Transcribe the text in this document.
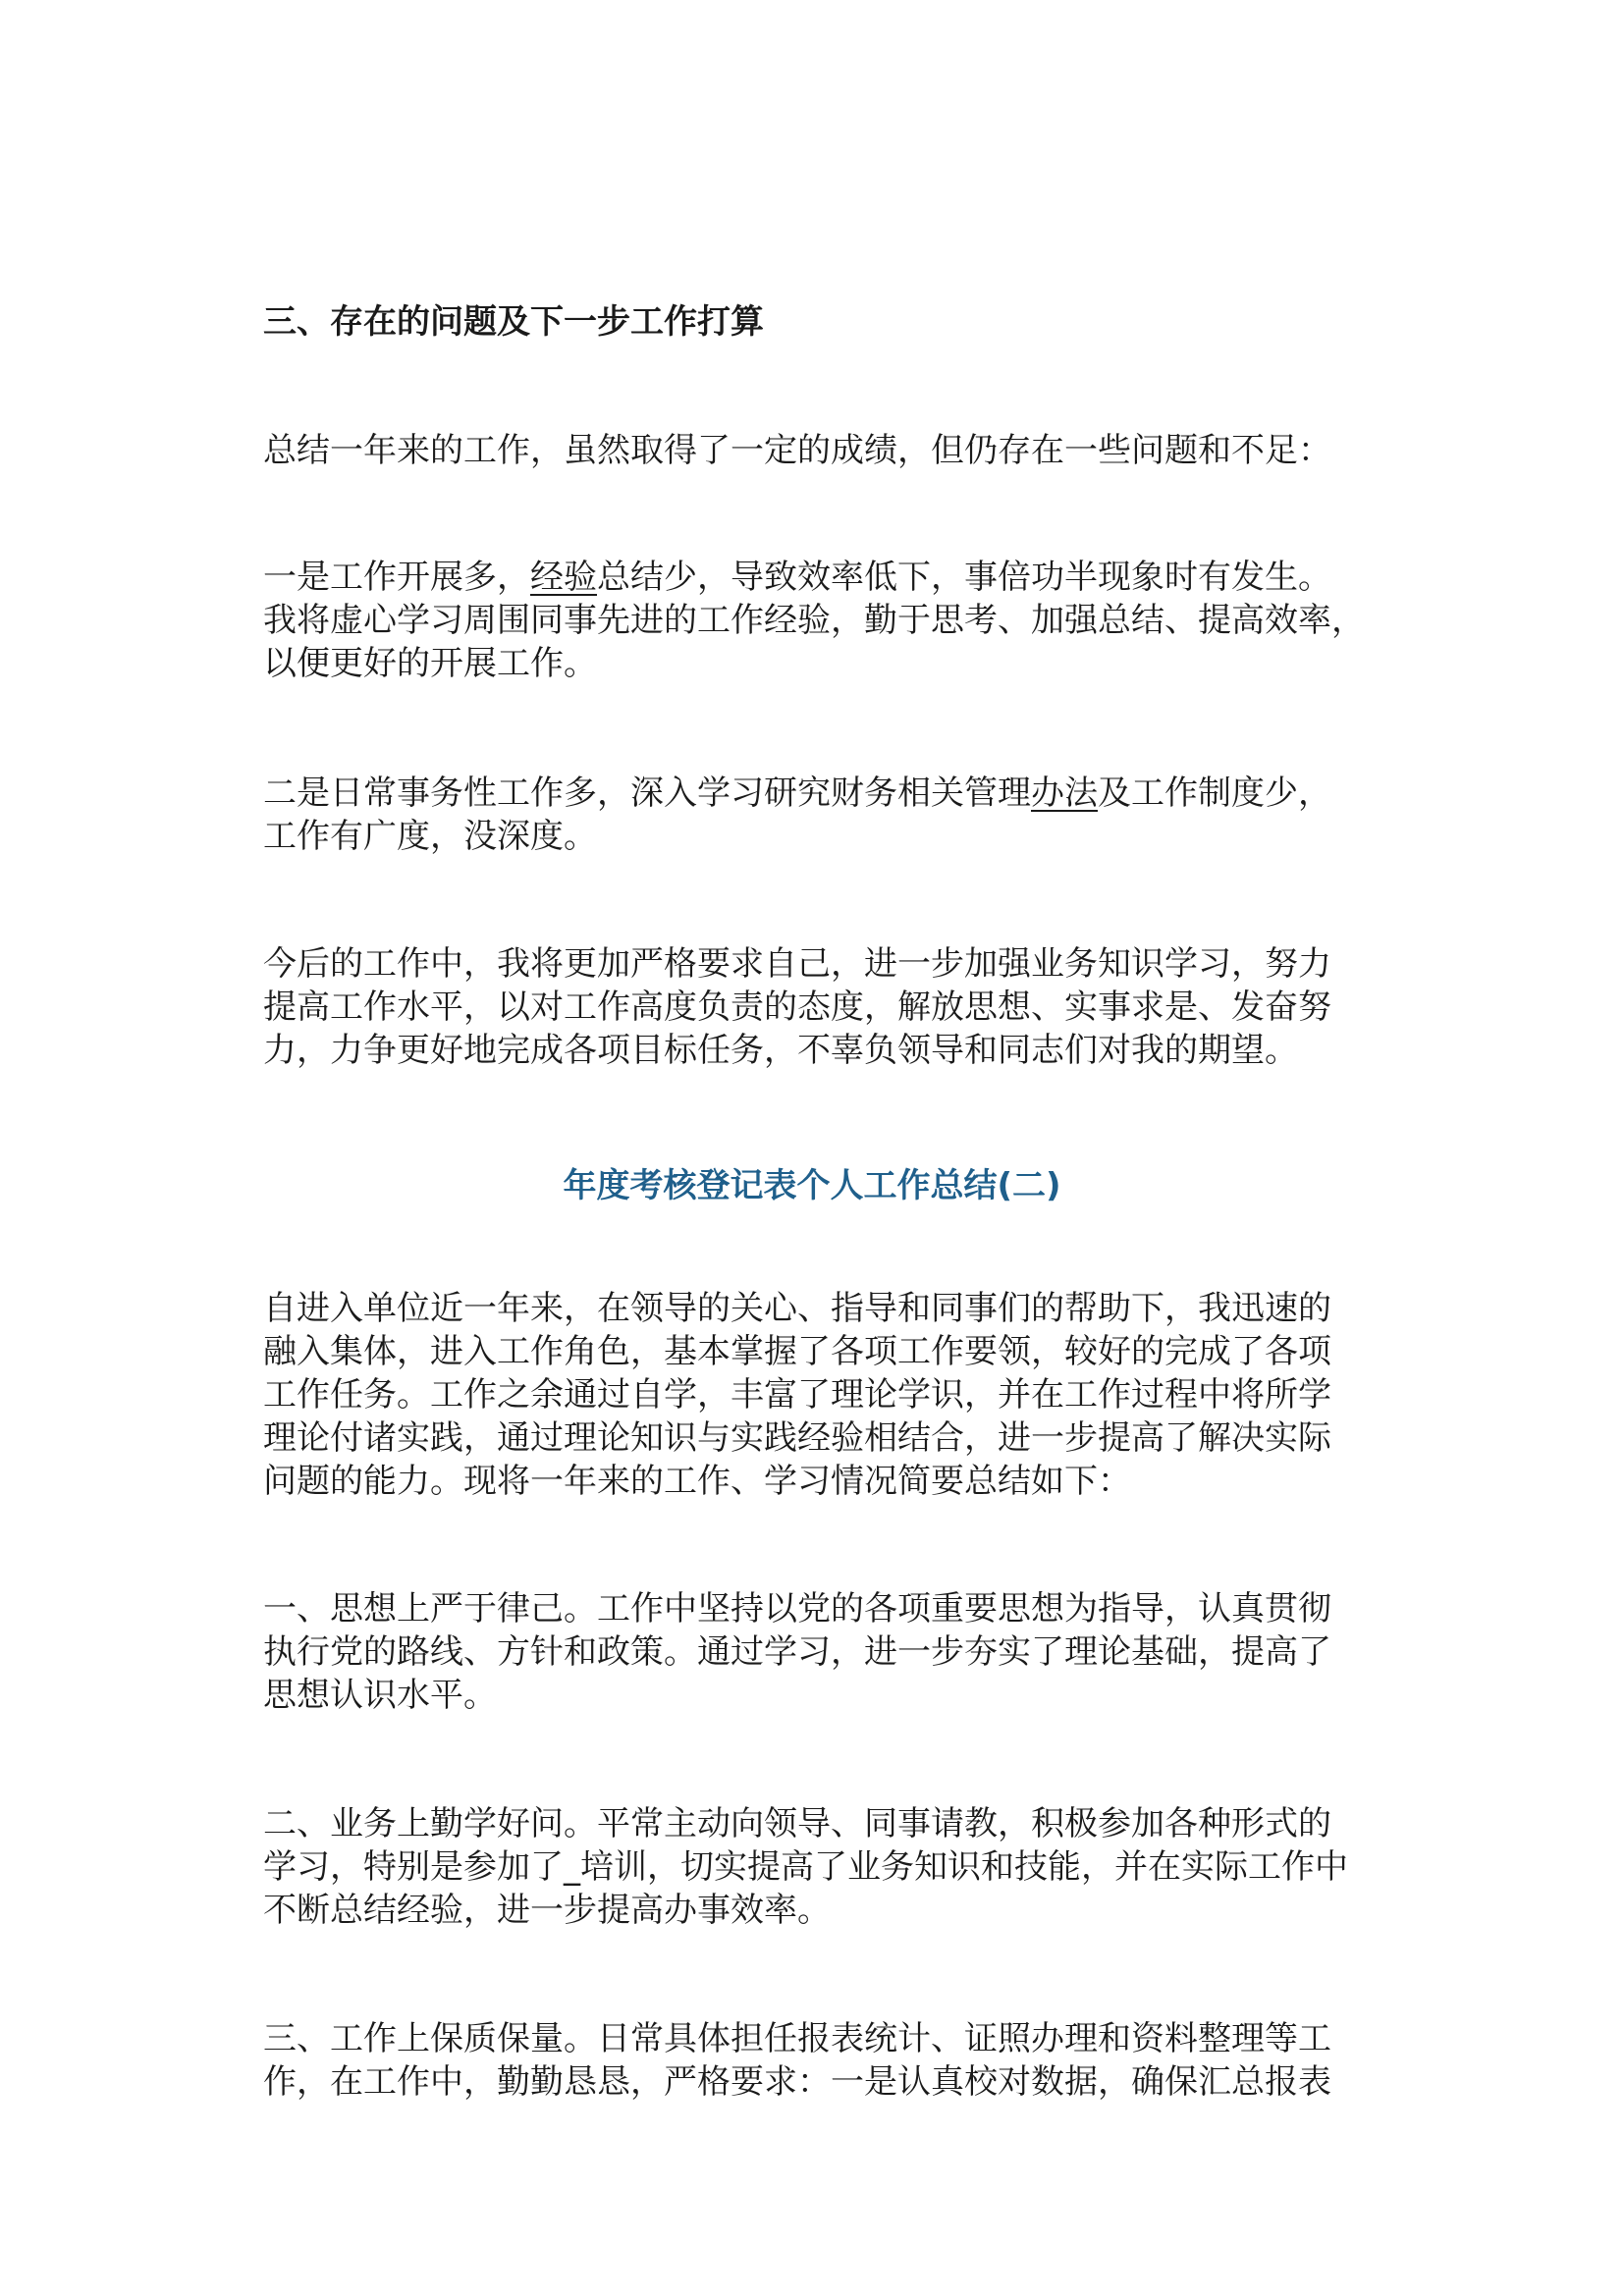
三、存在的问题及下一步工作打算

总结一年来的工作，虽然取得了一定的成绩，但仍存在一些问题和不足：

一是工作开展多，经验总结少，导致效率低下，事倍功半现象时有发生。
我将虚心学习周围同事先进的工作经验，勤于思考、加强总结、提高效率，
以便更好的开展工作。

二是日常事务性工作多，深入学习研究财务相关管理办法及工作制度少，
工作有广度，没深度。

今后的工作中，我将更加严格要求自己，进一步加强业务知识学习，努力
提高工作水平，以对工作高度负责的态度，解放思想、实事求是、发奋努
力，力争更好地完成各项目标任务，不辜负领导和同志们对我的期望。

年度考核登记表个人工作总结(二)

自进入单位近一年来，在领导的关心、指导和同事们的帮助下，我迅速的
融入集体，进入工作角色，基本掌握了各项工作要领，较好的完成了各项
工作任务。工作之余通过自学，丰富了理论学识，并在工作过程中将所学
理论付诸实践，通过理论知识与实践经验相结合，进一步提高了解决实际
问题的能力。现将一年来的工作、学习情况简要总结如下：

一、思想上严于律己。工作中坚持以党的各项重要思想为指导，认真贯彻
执行党的路线、方针和政策。通过学习，进一步夯实了理论基础，提高了
思想认识水平。

二、业务上勤学好问。平常主动向领导、同事请教，积极参加各种形式的
学习，特别是参加了_培训，切实提高了业务知识和技能，并在实际工作中
不断总结经验，进一步提高办事效率。

三、工作上保质保量。日常具体担任报表统计、证照办理和资料整理等工
作，在工作中，勤勤恳恳，严格要求：一是认真校对数据，确保汇总报表
